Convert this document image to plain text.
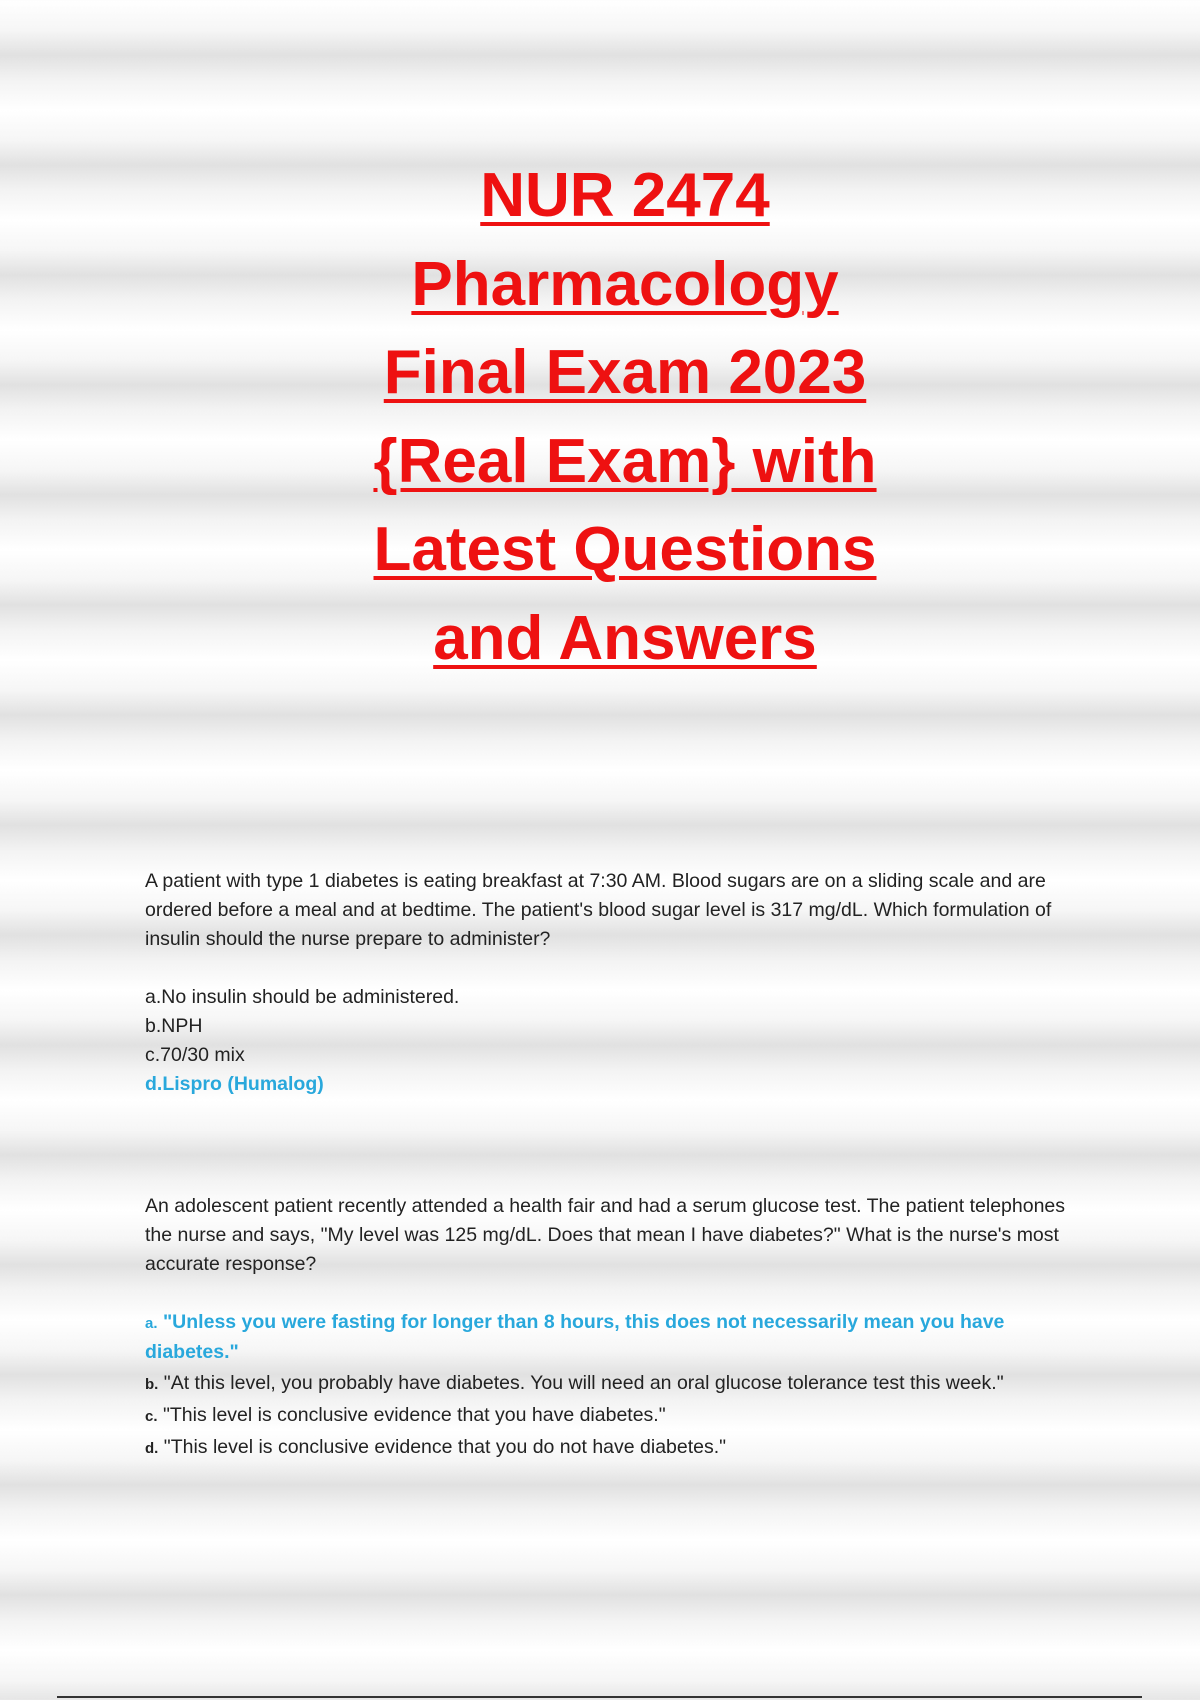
NUR 2474
Pharmacology
Final Exam 2023
{Real Exam} with
Latest Questions
and Answers

A patient with type 1 diabetes is eating breakfast at 7:30 AM. Blood sugars are on a sliding scale and are ordered before a meal and at bedtime. The patient's blood sugar level is 317 mg/dL. Which formulation of insulin should the nurse prepare to administer?

a.No insulin should be administered.
b.NPH
c.70/30 mix
d.Lispro (Humalog)

An adolescent patient recently attended a health fair and had a serum glucose test. The patient telephones the nurse and says, "My level was 125 mg/dL. Does that mean I have diabetes?" What is the nurse's most accurate response?

a. "Unless you were fasting for longer than 8 hours, this does not necessarily mean you have diabetes."
b. "At this level, you probably have diabetes. You will need an oral glucose tolerance test this week."
c. "This level is conclusive evidence that you have diabetes."
d. "This level is conclusive evidence that you do not have diabetes."
